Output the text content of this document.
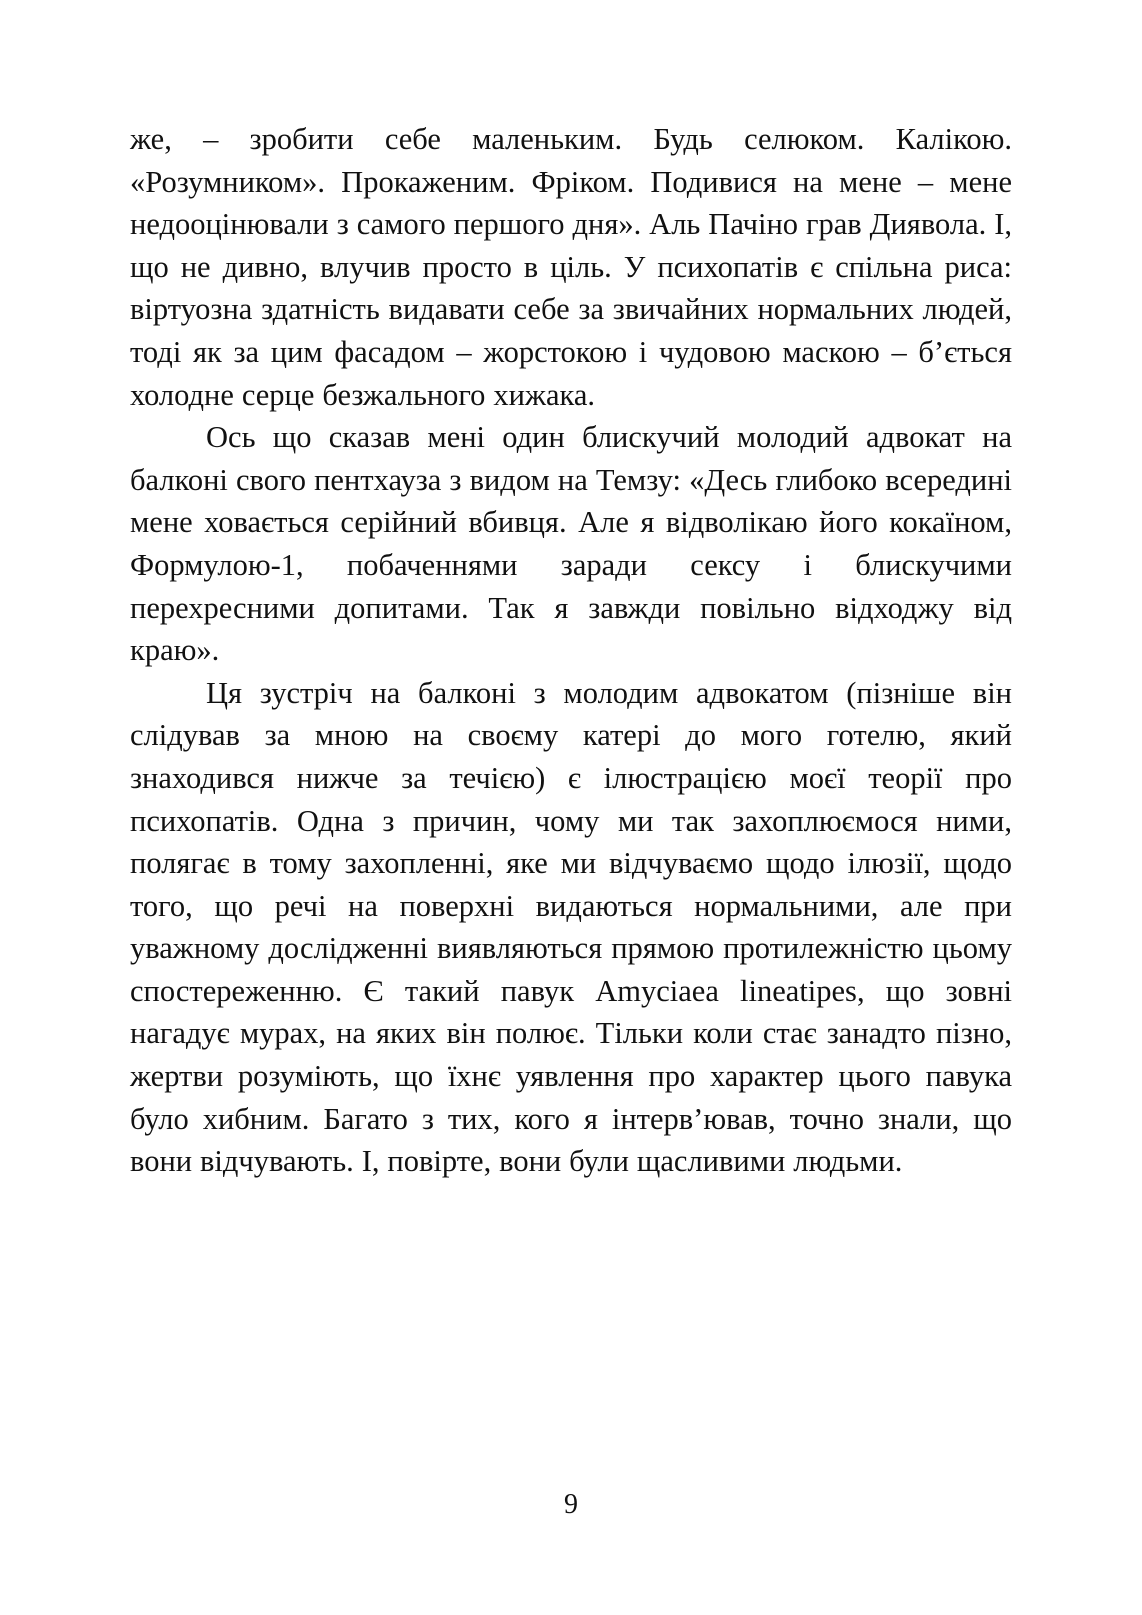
же, – зробити себе маленьким. Будь селюком. Калікою. «Розумником». Прокаженим. Фріком. Подивися на мене – мене недооцінювали з самого першого дня». Аль Пачіно грав Диявола. І, що не дивно, влучив просто в ціль. У психопатів є спільна риса: віртуозна здатність видавати себе за звичайних нормальних людей, тоді як за цим фасадом – жорстокою і чудовою маскою – б’ється холодне серце безжального хижака.

Ось що сказав мені один блискучий молодий адвокат на балконі свого пентхауза з видом на Темзу: «Десь глибоко всередині мене ховається серійний вбивця. Але я відволікаю його кокаїном, Формулою-1, побаченнями заради сексу і блискучими перехресними допитами. Так я завжди повільно відходжу від краю».

Ця зустріч на балконі з молодим адвокатом (пізніше він слідував за мною на своєму катері до мого готелю, який знаходився нижче за течією) є ілюстрацією моєї теорії про психопатів. Одна з причин, чому ми так захоплюємося ними, полягає в тому захопленні, яке ми відчуваємо щодо ілюзії, щодо того, що речі на поверхні видаються нормальними, але при уважному дослідженні виявляються прямою протилежністю цьому спостереженню. Є такий павук Amyciaea lineatipes, що зовні нагадує мурах, на яких він полює. Тільки коли стає занадто пізно, жертви розуміють, що їхнє уявлення про характер цього павука було хибним. Багато з тих, кого я інтерв’ював, точно знали, що вони відчувають. І, повірте, вони були щасливими людьми.

9
